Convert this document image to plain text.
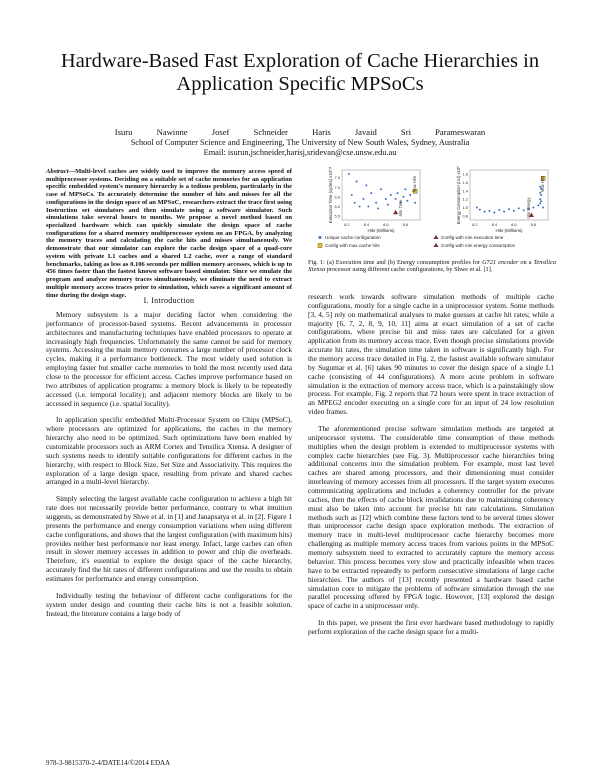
Hardware-Based Fast Exploration of Cache Hierarchies in
Application Specific MPSoCs
Isuru Nawinne Josef Schneider Haris Javaid Sri Parameswaran
School of Computer Science and Engineering, The University of New South Wales, Sydney, Australia
Email: isurun,jschneider,harisj,sridevan@cse.unsw.edu.au

Abstract—Multi-level caches are widely used to improve the memory access speed of multiprocessor systems. Deciding on a suitable set of cache memories for an application specific embedded system's memory hierarchy is a tedious problem, particularly in the case of MPSoCs. To accurately determine the number of hits and misses for all the configurations in the design space of an MPSoC, researchers extract the trace first using Instruction set simulators and then simulate using a software simulator. Such simulations take several hours to months. We propose a novel method based on specialized hardware which can quickly simulate the design space of cache configurations for a shared memory multiprocessor system on an FPGA, by analyzing the memory traces and calculating the cache hits and misses simultaneously. We demonstrate that our simulator can explore the cache design space of a quad-core system with private L1 caches and a shared L2 cache, over a range of standard benchmarks, taking as less as 0.106 seconds per million memory accesses, which is up to 456 times faster than the fastest known software based simulator. Since we emulate the program and analyze memory traces simultaneously, we eliminate the need to extract multiple memory access traces prior to simulation, which saves a significant amount of time during the design stage.

I. Introduction

Memory subsystem is a major deciding factor when considering the performance of processor-based systems. Recent advancements in processor architectures and manufacturing techniques have enabled processors to operate at increasingly high frequencies. Unfortunately the same cannot be said for memory systems. Accessing the main memory consumes a large number of processor clock cycles, making it a performance bottleneck. The most widely used solution is employing faster but smaller cache memories to hold the most recently used data close to the processor for efficient access. Caches improve performance based on two attributes of application programs: a memory block is likely to be repeatedly accessed (i.e. temporal locality); and adjacent memory blocks are likely to be accessed in sequence (i.e. spatial locality).

In application specific embedded Multi-Processor System on Chips (MPSoC), where processors are optimized for applications, the caches in the memory hierarchy also need to be optimized. Such optimizations have been enabled by customizable processors such as ARM Cortex and Tensilica Xtensa. A designer of such systems needs to identify suitable configurations for different caches in the hierarchy, with respect to Block Size, Set Size and Associativity. This requires the exploration of a large design space, resulting from private and shared caches arranged in a multi-level hierarchy.

Simply selecting the largest available cache configuration to achieve a high hit rate does not necessarily provide better performance, contrary to what intuition suggests, as demonstrated by Shwe et al. in [1] and Janapsatya et al. in [2]. Figure 1 presents the performance and energy consumption variations when using different cache configurations, and shows that the largest configuration (with maximum hits) provides neither best performance nor least energy. Infact, large caches can often result in slower memory accesses in addition to power and chip die overheads. Therefore, it's essential to explore the design space of the cache hierarchy, accurately find the hit rates of different configurations and use the results to obtain estimates for performance and energy consumption.

Individually testing the behaviour of different cache configurations for the system under design and counting their cache hits is not a feasible solution. Instead, the literature contains a large body of

8.2	8.4	8.6	8.8
7.5
7.0
6.5
6.0
5.5
Hits (Millions)
Execution Time (cycles) x10^7	Max Hits
Min Time
8.2	8.4	8.6	8.8
1.8
1.6
1.4
1.2
1.0
0.8
Hits (Millions)
Energy Consumption (mJ) x10^	Max Hits
Min Energy
Unique cache configuration	Config with min execution time
Config with max cache hits	Config with min energy consumption

Fig. 1: (a) Execution time and (b) Energy consumption profiles for G721 encoder on a Tensilica Xtensa processor using different cache configurations, by Shwe et al. [1].

research work towards software simulation methods of multiple cache configurations, mostly for a single cache in a uniprocessor system. Some methods [3, 4, 5] rely on mathematical analyses to make guesses at cache hit rates; while a majority [6, 7, 2, 8, 9, 10, 11] aims at exact simulation of a set of cache configurations, where precise hit and miss rates are calculated for a given application from its memory access trace. Even though precise simulations provide accurate hit rates, the simulation time taken in software is significantly high. For the memory access trace detailed in Fig. 2, the fastest available software simulator by Sugumar et al. [6] takes 90 minutes to cover the design space of a single L1 cache (consisting of 44 configurations). A more acute problem in software simulation is the extraction of memory access trace, which is a painstakingly slow process. For example, Fig. 2 reports that 72 hours were spent in trace extraction of an MPEG2 encoder executing on a single core for an input of 24 low resolution video frames.

The aforementioned precise software simulation methods are targeted at uniprocessor systems. The considerable time consumption of these methods multiplies when the design problem is extended to multiprocessor systems with complex cache hierarchies (see Fig. 3). Multiprocessor cache hierarchies bring additional concerns into the simulation problem. For example, most last level caches are shared among processors, and their dimensioning must consider interleaving of memory accesses from all processors. If the target system executes communicating applications and includes a coherency controller for the private caches, then the effects of cache block invalidations due to maintaining coherency must also be taken into account for precise hit rate calculations. Simulation methods such as [12] which combine these factors tend to be several times slower than uniprocessor cache design space exploration methods. The extraction of memory trace in multi-level multiprocessor cache hierarchy becomes more challenging as multiple memory access traces from various points in the MPSoC memory subsystem need to extracted to accurately capture the memory access behavior. This process becomes very slow and practically infeasible when traces have to be extracted repeatedly to perform consecutive simulations of large cache hierarchies. The authors of [13] recently presented a hardware based cache simulation core to mitigate the problems of software simulation through the use parallel processing offered by FPGA logic. However, [13] explored the design space of cache in a uniprocessor only.

In this paper, we present the first ever hardware based methodology to rapidly perform exploration of the cache design space for a multi-

978-3-9815370-2-4/DATE14/©2014 EDAA
